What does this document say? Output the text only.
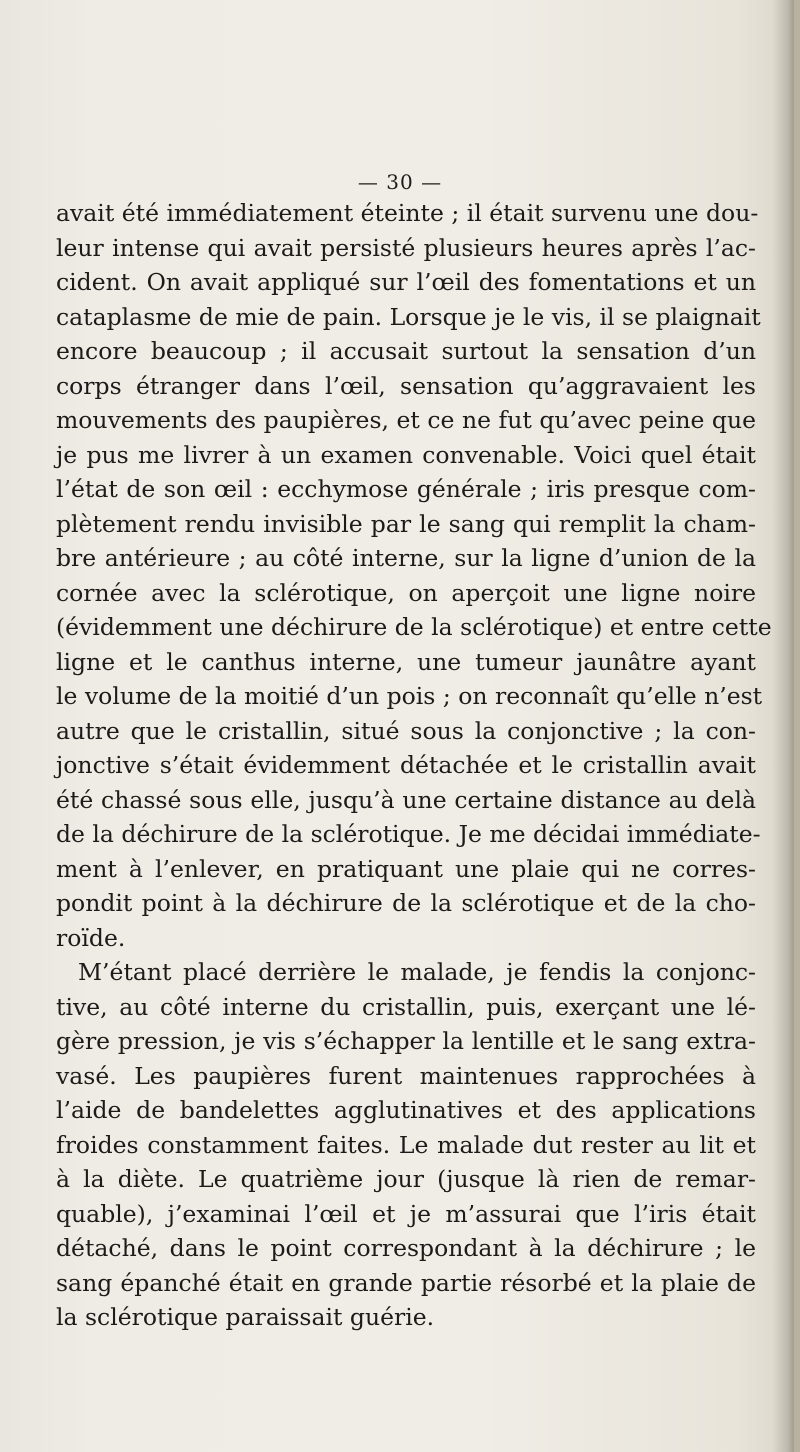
— 30 —
avait été immédiatement éteinte ; il était survenu une dou-
leur intense qui avait persisté plusieurs heures après l’ac-
cident. On avait appliqué sur l’œil des fomentations et un
cataplasme de mie de pain. Lorsque je le vis, il se plaignait
encore beaucoup ; il accusait surtout la sensation d’un
corps étranger dans l’œil, sensation qu’aggravaient les
mouvements des paupières, et ce ne fut qu’avec peine que
je pus me livrer à un examen convenable. Voici quel était
l’état de son œil : ecchymose générale ; iris presque com-
plètement rendu invisible par le sang qui remplit la cham-
bre antérieure ; au côté interne, sur la ligne d’union de la
cornée avec la sclérotique, on aperçoit une ligne noire
(évidemment une déchirure de la sclérotique) et entre cette
ligne et le canthus interne, une tumeur jaunâtre ayant
le volume de la moitié d’un pois ; on reconnaît qu’elle n’est
autre que le cristallin, situé sous la conjonctive ; la con-
jonctive s’était évidemment détachée et le cristallin avait
été chassé sous elle, jusqu’à une certaine distance au delà
de la déchirure de la sclérotique. Je me décidai immédiate-
ment à l’enlever, en pratiquant une plaie qui ne corres-
pondit point à la déchirure de la sclérotique et de la cho-
roïde.
M’étant placé derrière le malade, je fendis la conjonc-
tive, au côté interne du cristallin, puis, exerçant une lé-
gère pression, je vis s’échapper la lentille et le sang extra-
vasé. Les paupières furent maintenues rapprochées à
l’aide de bandelettes agglutinatives et des applications
froides constamment faites. Le malade dut rester au lit et
à la diète. Le quatrième jour (jusque là rien de remar-
quable), j’examinai l’œil et je m’assurai que l’iris était
détaché, dans le point correspondant à la déchirure ; le
sang épanché était en grande partie résorbé et la plaie de
la sclérotique paraissait guérie.
